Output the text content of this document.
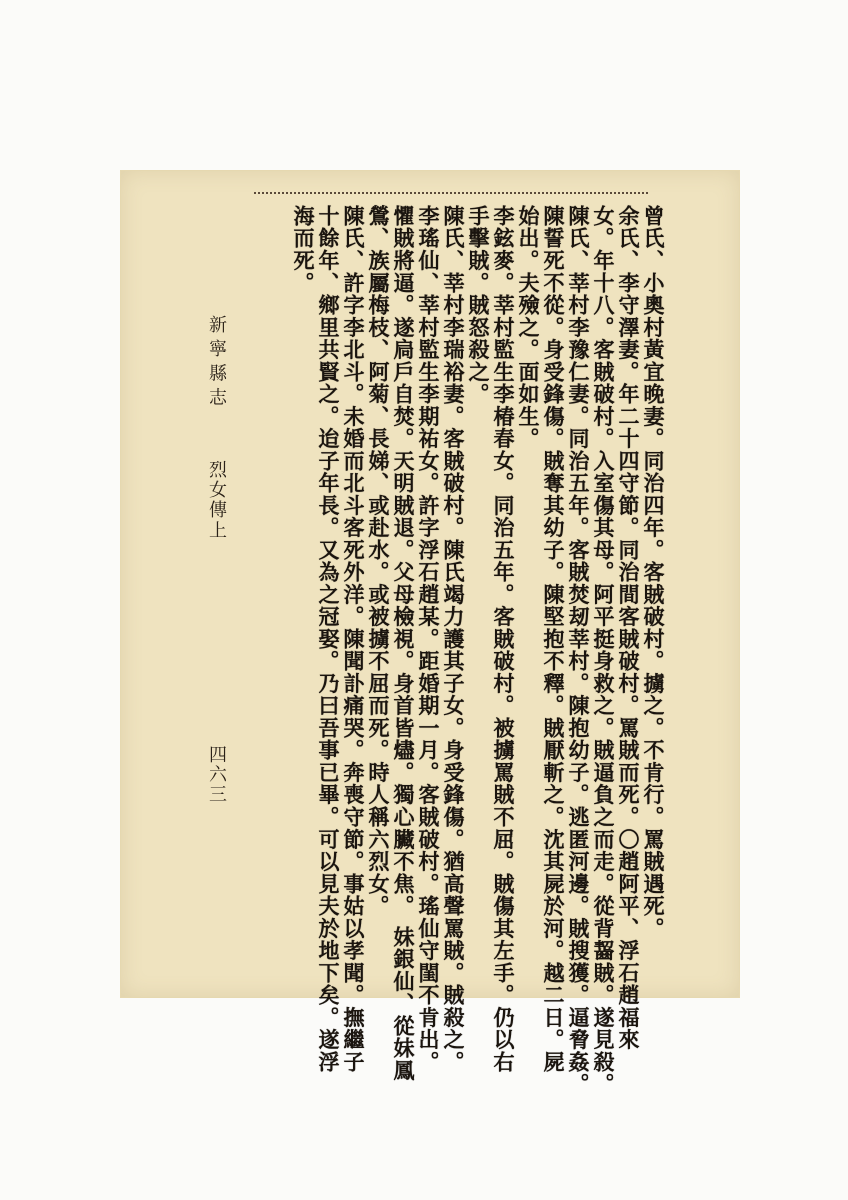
曾氏、小奧村黃宜晚妻。同治四年。客賊破村。擄之。不肯行。罵賊遇死。
余氏、李守澤妻。年二十四守節。同治間客賊破村。罵賊而死。〇趙阿平、浮石趙福來
女。年十八。客賊破村。入室傷其母。阿平挺身救之。賊逼負之而走。從背齧賊。遂見殺。
陳氏、莘村李豫仁妻。同治五年。客賊焚刼莘村。陳抱幼子。逃匿河邊。賊搜獲。逼脅姦。
陳誓死不從。身受鋒傷。賊奪其幼子。陳堅抱不釋。賊厭斬之。沈其屍於河。越二日。屍
始出。夫殮之。面如生。
李鉉麥。莘村監生李椿春女。同治五年。客賊破村。被擄罵賊不屈。賊傷其左手。仍以右
手擊賊。賊怒殺之。
陳氏、莘村李瑞裕妻。客賊破村。陳氏竭力護其子女。身受鋒傷。猶高聲罵賊。賊殺之。
李瑤仙、莘村監生李期祐女。許字浮石趙某。距婚期一月。客賊破村。瑤仙守閨不肯出。
懼賊將逼。遂扃戶自焚。天明賊退。父母檢視。身首皆燼。獨心臟不焦。 妹銀仙、從妹鳳
鶯、族屬梅枝、阿菊、長娣、或赴水。或被擄不屈而死。時人稱六烈女。
陳氏、許字李北斗。未婚而北斗客死外洋。陳聞訃痛哭。奔喪守節。事姑以孝聞。撫繼子
十餘年、鄉里共賢之。迨子年長。又為之冠娶。乃曰吾事已畢。可以見夫於地下矣。遂浮
海而死。
新寧縣志
烈女傳上
四六三
